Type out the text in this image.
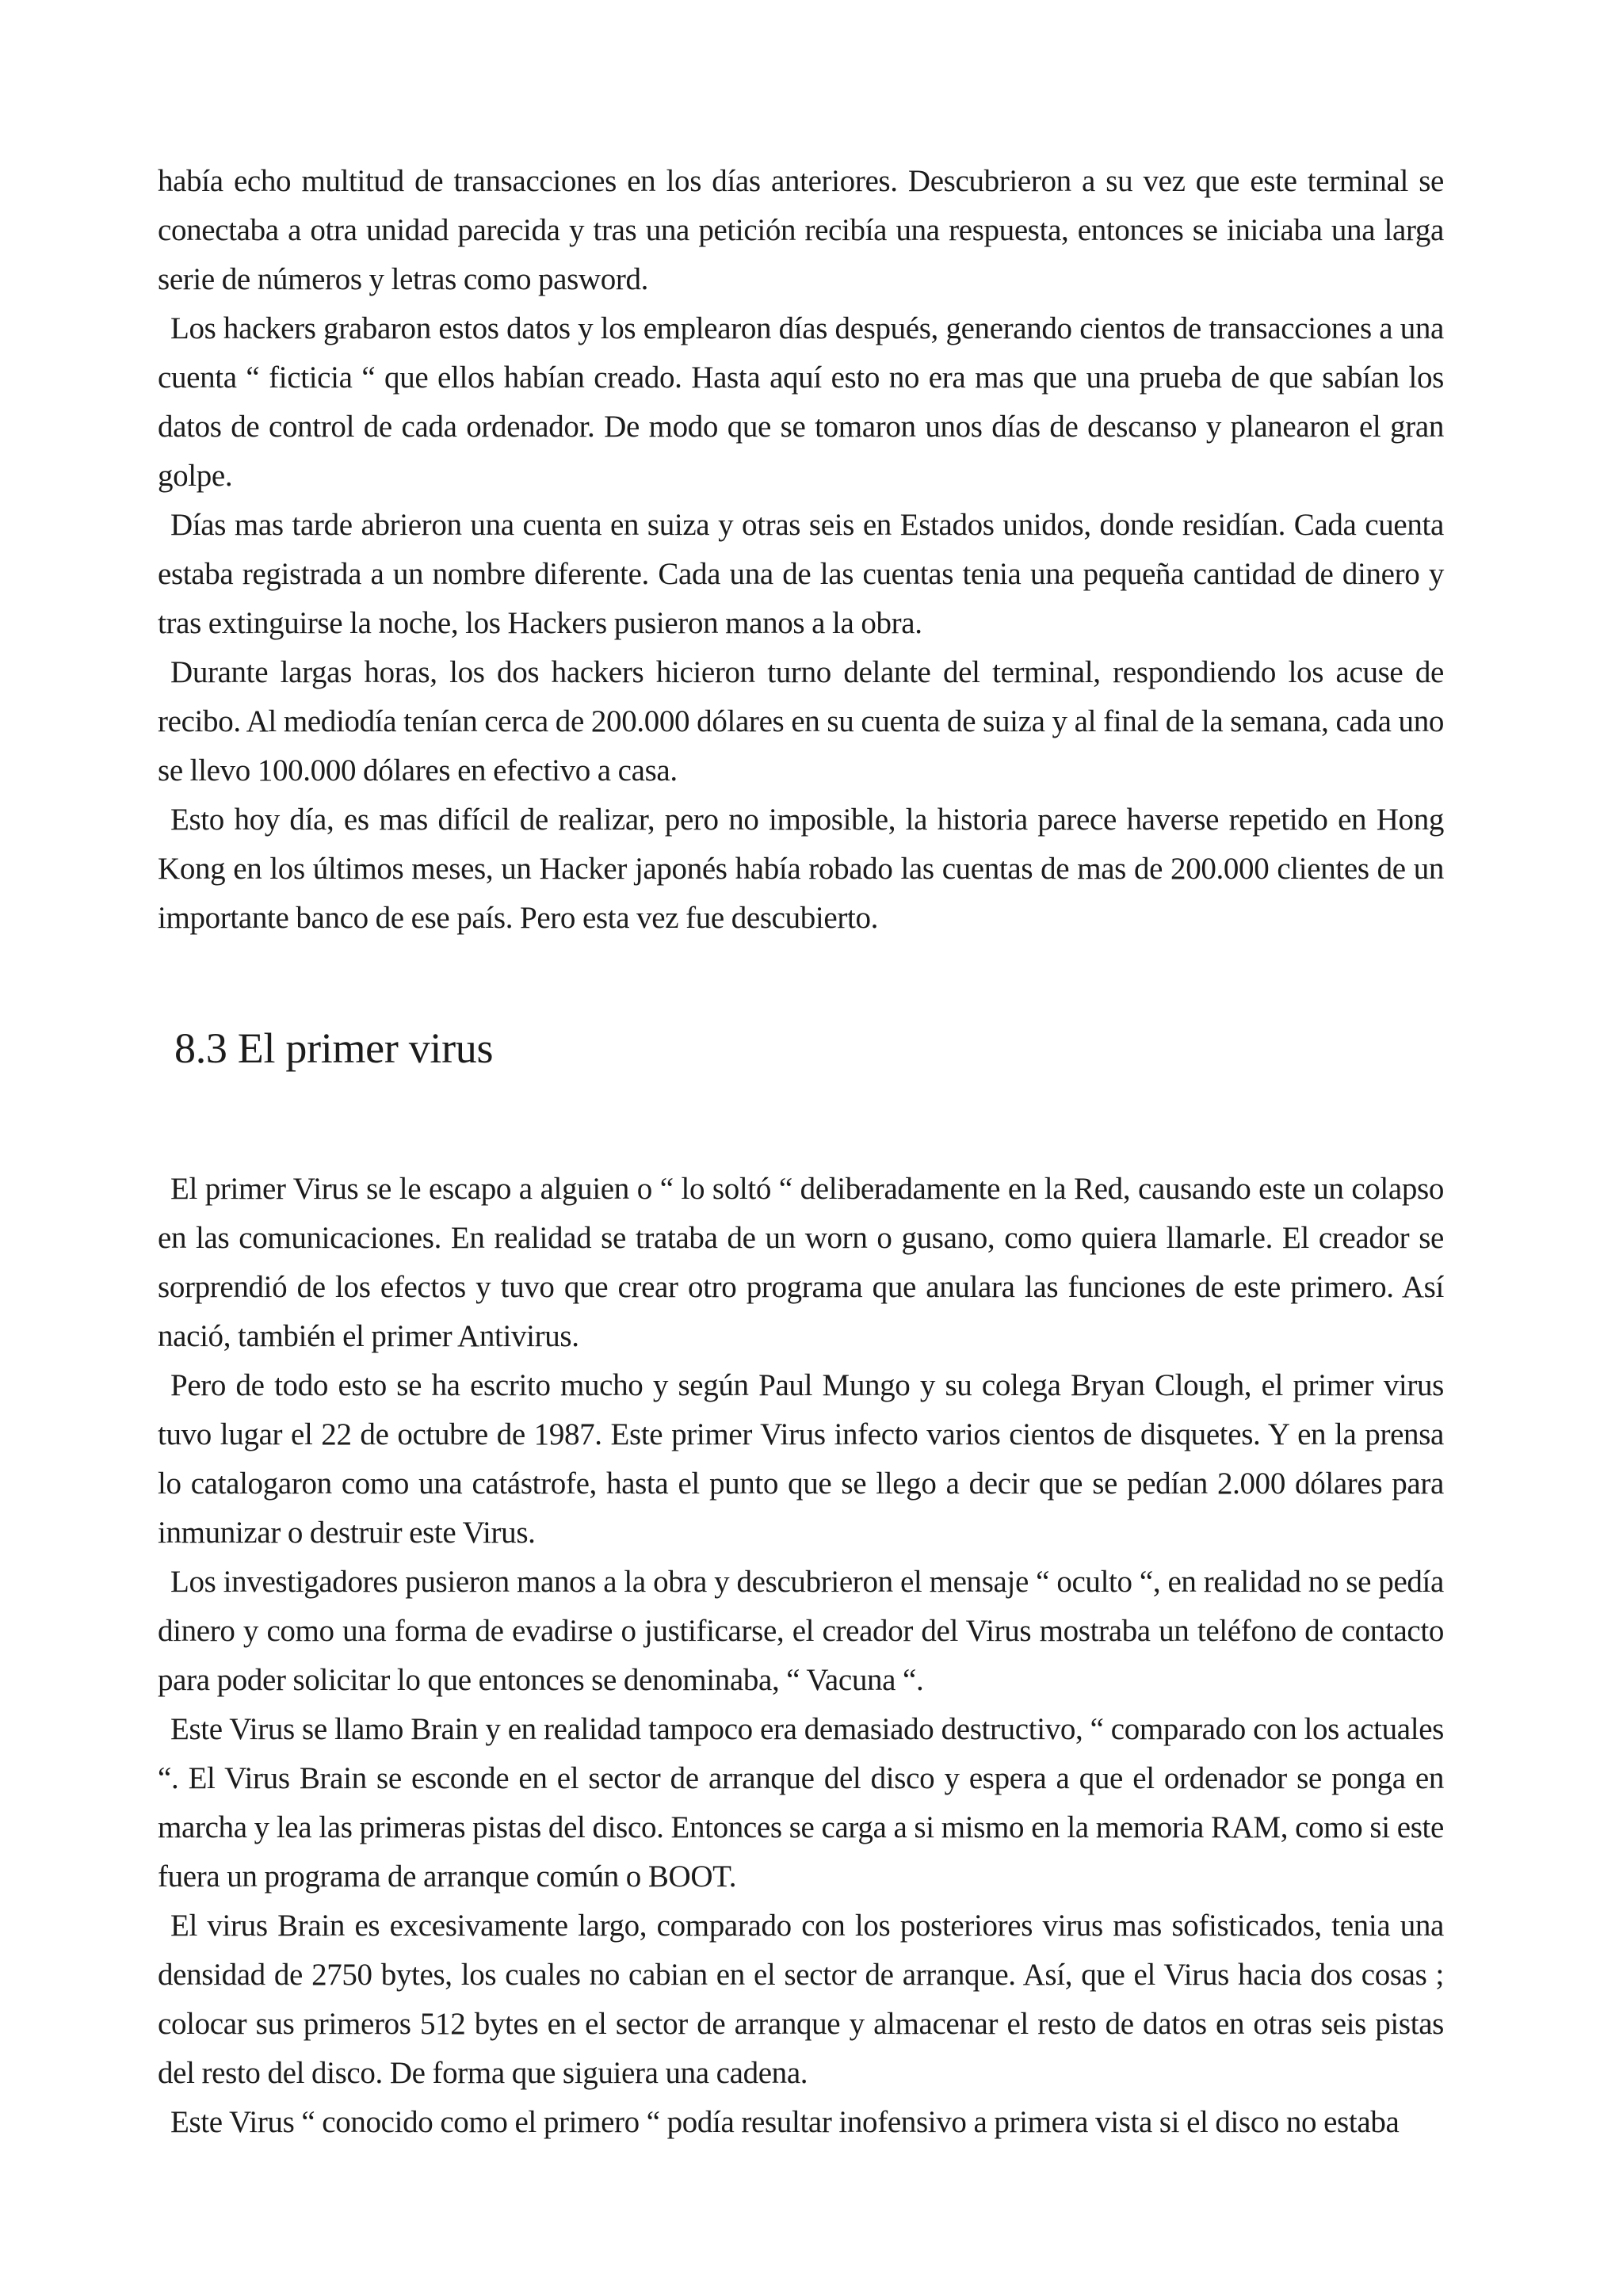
había echo multitud de transacciones en los días anteriores. Descubrieron a su vez que este terminal se conectaba a otra unidad parecida y tras una petición recibía una respuesta, entonces se iniciaba una larga serie de números y letras como pasword.

Los hackers grabaron estos datos y los emplearon días después, generando cientos de transacciones a una cuenta “ ficticia “ que ellos habían creado. Hasta aquí esto no era mas que una prueba de que sabían los datos de control de cada ordenador. De modo que se tomaron unos días de descanso y planearon el gran golpe.

Días mas tarde abrieron una cuenta en suiza y otras seis en Estados unidos, donde residían. Cada cuenta estaba registrada a un nombre diferente. Cada una de las cuentas tenia una pequeña cantidad de dinero y tras extinguirse la noche, los Hackers pusieron manos a la obra.

Durante largas horas, los dos hackers hicieron turno delante del terminal, respondiendo los acuse de recibo. Al mediodía tenían cerca de 200.000 dólares en su cuenta de suiza y al final de la semana, cada uno se llevo 100.000 dólares en efectivo a casa.

Esto hoy día, es mas difícil de realizar, pero no imposible, la historia parece haverse repetido en Hong Kong en los últimos meses, un Hacker japonés había robado las cuentas de mas de 200.000 clientes de un importante banco de ese país. Pero esta vez fue descubierto.

8.3 El primer virus

El primer Virus se le escapo a alguien o “ lo soltó “ deliberadamente en la Red, causando este un colapso en las comunicaciones. En realidad se trataba de un worn o gusano, como quiera llamarle. El creador se sorprendió de los efectos y tuvo que crear otro programa que anulara las funciones de este primero. Así nació, también el primer Antivirus.

Pero de todo esto se ha escrito mucho y según Paul Mungo y su colega Bryan Clough, el primer virus tuvo lugar el 22 de octubre de 1987. Este primer Virus infecto varios cientos de disquetes. Y en la prensa lo catalogaron como una catástrofe, hasta el punto que se llego a decir que se pedían 2.000 dólares para inmunizar o destruir este Virus.

Los investigadores pusieron manos a la obra y descubrieron el mensaje “ oculto “, en realidad no se pedía dinero y como una forma de evadirse o justificarse, el creador del Virus mostraba un teléfono de contacto para poder solicitar lo que entonces se denominaba, “ Vacuna “.

Este Virus se llamo Brain y en realidad tampoco era demasiado destructivo, “ comparado con los actuales “. El Virus Brain se esconde en el sector de arranque del disco y espera a que el ordenador se ponga en marcha y lea las primeras pistas del disco. Entonces se carga a si mismo en la memoria RAM, como si este fuera un programa de arranque común o BOOT.

El virus Brain es excesivamente largo, comparado con los posteriores virus mas sofisticados, tenia una densidad de 2750 bytes, los cuales no cabian en el sector de arranque. Así, que el Virus hacia dos cosas ; colocar sus primeros 512 bytes en el sector de arranque y almacenar el resto de datos en otras seis pistas del resto del disco. De forma que siguiera una cadena.

Este Virus “ conocido como el primero “ podía resultar inofensivo a primera vista si el disco no estaba
